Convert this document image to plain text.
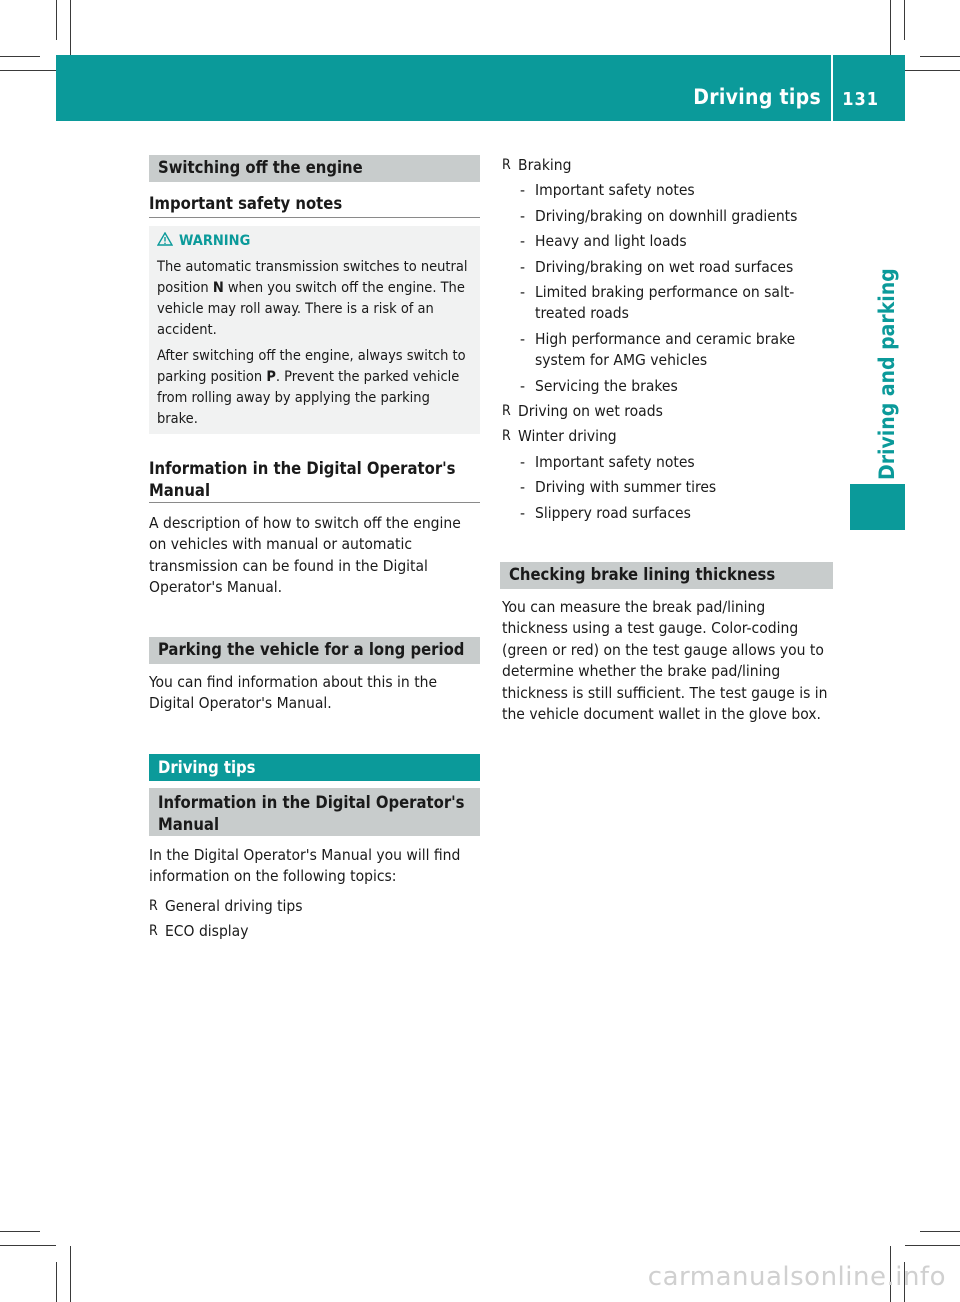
Driving tips 131
Driving and parking
Switching off the engine
Important safety notes
WARNING
The automatic transmission switches to neutral position N when you switch off the engine. The vehicle may roll away. There is a risk of an accident.
After switching off the engine, always switch to parking position P. Prevent the parked vehicle from rolling away by applying the parking brake.
Information in the Digital Operator's Manual
A description of how to switch off the engine on vehicles with manual or automatic transmission can be found in the Digital Operator's Manual.
Parking the vehicle for a long period
You can find information about this in the Digital Operator's Manual.
Driving tips
Information in the Digital Operator's Manual
In the Digital Operator's Manual you will find information on the following topics:
R General driving tips
R ECO display
R Braking
- Important safety notes
- Driving/braking on downhill gradients
- Heavy and light loads
- Driving/braking on wet road surfaces
- Limited braking performance on salt-treated roads
- High performance and ceramic brake system for AMG vehicles
- Servicing the brakes
R Driving on wet roads
R Winter driving
- Important safety notes
- Driving with summer tires
- Slippery road surfaces
Checking brake lining thickness
You can measure the break pad/lining thickness using a test gauge. Color-coding (green or red) on the test gauge allows you to determine whether the brake pad/lining thickness is still sufficient. The test gauge is in the vehicle document wallet in the glove box.
carmanualsonline.info
